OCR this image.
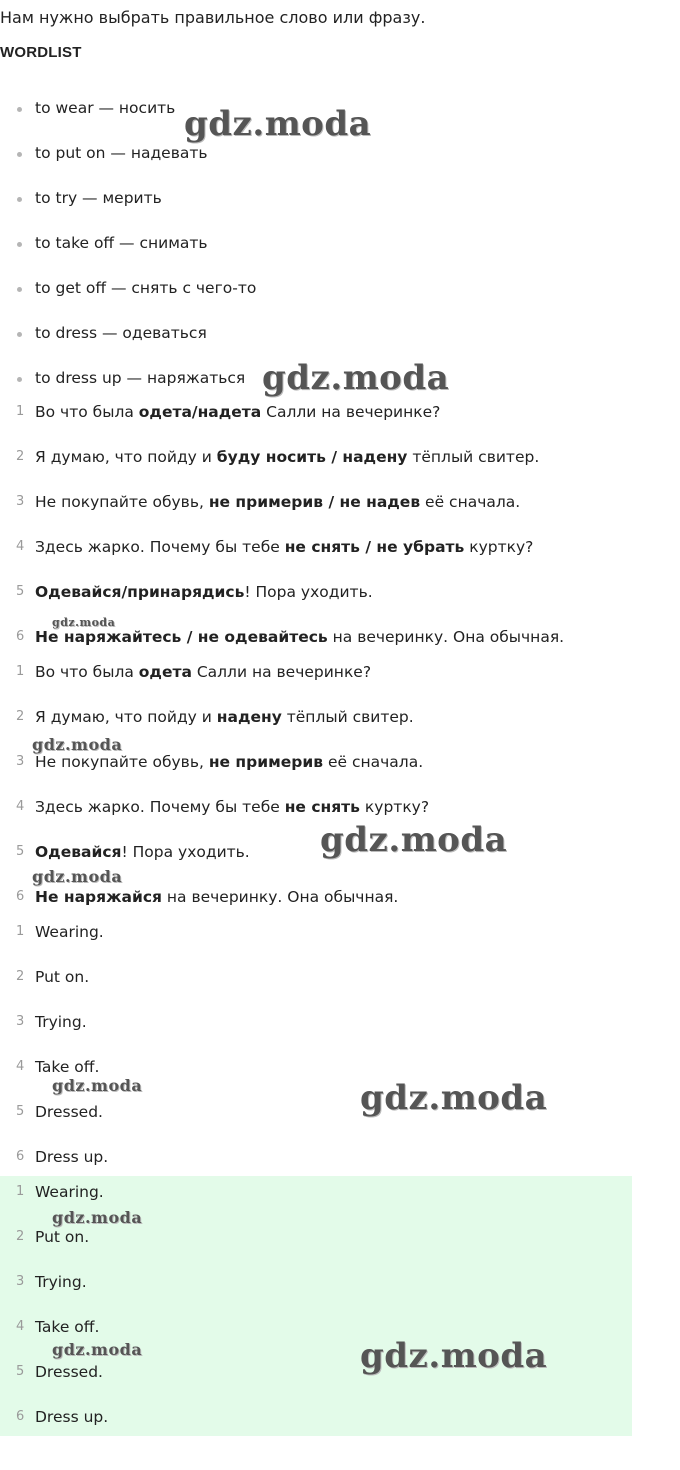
Нам нужно выбрать правильное слово или фразу.
WORDLIST
to wear — носить
to put on — надевать
to try — мерить
to take off — снимать
to get off — снять с чего-то
to dress — одеваться
to dress up — наряжаться
1 Во что была одета/надета Салли на вечеринке?
2 Я думаю, что пойду и буду носить / надену тёплый свитер.
3 Не покупайте обувь, не примерив / не надев её сначала.
4 Здесь жарко. Почему бы тебе не снять / не убрать куртку?
5 Одевайся/принарядись! Пора уходить.
6 Не наряжайтесь / не одевайтесь на вечеринку. Она обычная.
1 Во что была одета Салли на вечеринке?
2 Я думаю, что пойду и надену тёплый свитер.
3 Не покупайте обувь, не примерив её сначала.
4 Здесь жарко. Почему бы тебе не снять куртку?
5 Одевайся! Пора уходить.
6 Не наряжайся на вечеринку. Она обычная.
1 Wearing.
2 Put on.
3 Trying.
4 Take off.
5 Dressed.
6 Dress up.
1 Wearing.
2 Put on.
3 Trying.
4 Take off.
5 Dressed.
6 Dress up.
gdz.moda
gdz.moda
gdz.moda
gdz.moda
gdz.moda
gdz.moda
gdz.moda	gdz.moda
gdz.moda
gdz.moda	gdz.moda
